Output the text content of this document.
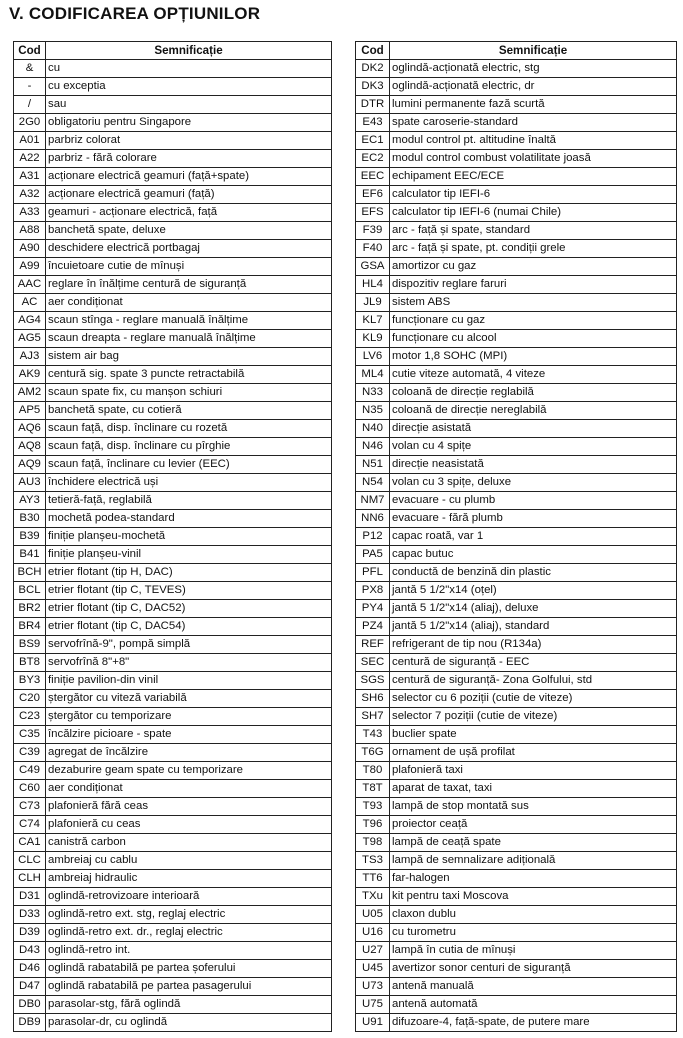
V. CODIFICAREA OPȚIUNILOR
Cod	Semnificație
&	cu
-	cu exceptia
/	sau
2G0	obligatoriu pentru Singapore
A01	parbriz colorat
A22	parbriz - fără colorare
A31	acționare electrică geamuri (față+spate)
A32	acționare electrică geamuri (față)
A33	geamuri - acționare electrică, față
A88	banchetă spate, deluxe
A90	deschidere electrică portbagaj
A99	încuietoare cutie de mînuși
AAC	reglare în înălțime centură de siguranță
AC	aer condiționat
AG4	scaun stînga - reglare manuală înălțime
AG5	scaun dreapta - reglare manuală înălțime
AJ3	sistem air bag
AK9	centură sig. spate 3 puncte retractabilă
AM2	scaun spate fix, cu manșon schiuri
AP5	banchetă spate, cu cotieră
AQ6	scaun față, disp. înclinare cu rozetă
AQ8	scaun față, disp. înclinare cu pîrghie
AQ9	scaun față, înclinare cu levier (EEC)
AU3	închidere electrică uși
AY3	tetieră-față, reglabilă
B30	mochetă podea-standard
B39	finiție planșeu-mochetă
B41	finiție planșeu-vinil
BCH	etrier flotant (tip H, DAC)
BCL	etrier flotant (tip C, TEVES)
BR2	etrier flotant (tip C, DAC52)
BR4	etrier flotant (tip C, DAC54)
BS9	servofrînă-9", pompă simplă
BT8	servofrînă 8"+8"
BY3	finiție pavilion-din vinil
C20	ștergător cu viteză variabilă
C23	ștergător cu temporizare
C35	încălzire picioare - spate
C39	agregat de încălzire
C49	dezaburire geam spate cu temporizare
C60	aer condiționat
C73	plafonieră fără ceas
C74	plafonieră cu ceas
CA1	canistră carbon
CLC	ambreiaj cu cablu
CLH	ambreiaj hidraulic
D31	oglindă-retrovizoare interioară
D33	oglindă-retro ext. stg, reglaj electric
D39	oglindă-retro ext. dr., reglaj electric
D43	oglindă-retro int.
D46	oglindă rabatabilă pe partea șoferului
D47	oglindă rabatabilă pe partea pasagerului
DB0	parasolar-stg, fără oglindă
DB9	parasolar-dr, cu oglindă
Cod	Semnificație
DK2	oglindă-acționată electric, stg
DK3	oglindă-acționată electric, dr
DTR	lumini permanente fază scurtă
E43	spate caroserie-standard
EC1	modul control pt. altitudine înaltă
EC2	modul control combust volatilitate joasă
EEC	echipament EEC/ECE
EF6	calculator tip IEFI-6
EFS	calculator tip IEFI-6 (numai Chile)
F39	arc - față și spate, standard
F40	arc - față și spate, pt. condiții grele
GSA	amortizor cu gaz
HL4	dispozitiv reglare faruri
JL9	sistem ABS
KL7	funcționare cu gaz
KL9	funcționare cu alcool
LV6	motor 1,8 SOHC (MPI)
ML4	cutie viteze automată, 4 viteze
N33	coloană de direcție reglabilă
N35	coloană de direcție nereglabilă
N40	direcție asistată
N46	volan cu 4 spițe
N51	direcție neasistată
N54	volan cu 3 spițe, deluxe
NM7	evacuare - cu plumb
NN6	evacuare - fără plumb
P12	capac roată, var 1
PA5	capac butuc
PFL	conductă de benzină din plastic
PX8	jantă 5 1/2"x14 (oțel)
PY4	jantă 5 1/2"x14 (aliaj), deluxe
PZ4	jantă 5 1/2"x14 (aliaj), standard
REF	refrigerant de tip nou (R134a)
SEC	centură de siguranță - EEC
SGS	centură de siguranță- Zona Golfului, std
SH6	selector cu 6 poziții (cutie de viteze)
SH7	selector 7 poziții (cutie de viteze)
T43	buclier spate
T6G	ornament de ușă profilat
T80	plafonieră taxi
T8T	aparat de taxat, taxi
T93	lampă de stop montată sus
T96	proiector ceață
T98	lampă de ceață spate
TS3	lampă de semnalizare adițională
TT6	far-halogen
TXu	kit pentru taxi Moscova
U05	claxon dublu
U16	cu turometru
U27	lampă în cutia de mînuși
U45	avertizor sonor centuri de siguranță
U73	antenă manuală
U75	antenă automată
U91	difuzoare-4, față-spate, de putere mare
